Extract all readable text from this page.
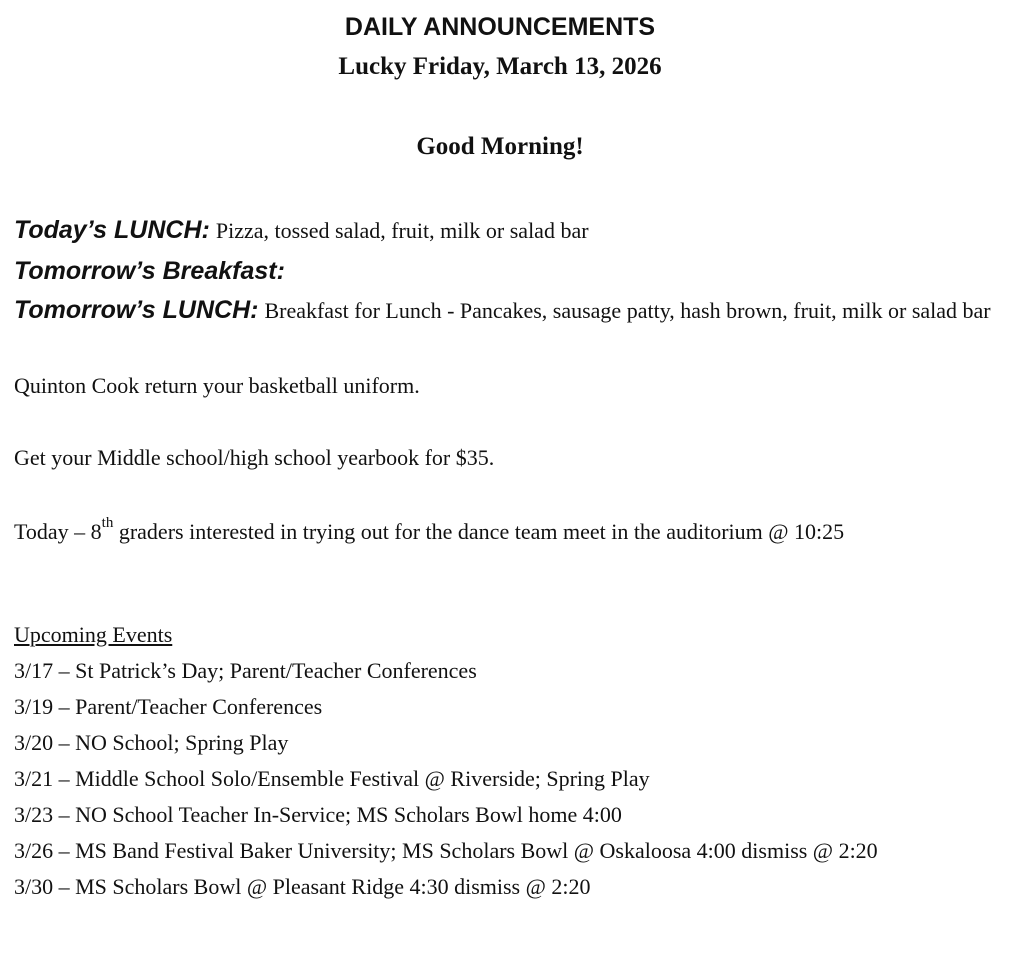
DAILY ANNOUNCEMENTS
Lucky Friday, March 13, 2026
Good Morning!
Today’s LUNCH: Pizza, tossed salad, fruit, milk or salad bar
Tomorrow’s Breakfast:
Tomorrow’s LUNCH: Breakfast for Lunch - Pancakes, sausage patty, hash brown, fruit, milk or salad bar
Quinton Cook return your basketball uniform.
Get your Middle school/high school yearbook for $35.
Today – 8th graders interested in trying out for the dance team meet in the auditorium @ 10:25
Upcoming Events
3/17 – St Patrick’s Day; Parent/Teacher Conferences
3/19 – Parent/Teacher Conferences
3/20 – NO School; Spring Play
3/21 – Middle School Solo/Ensemble Festival @ Riverside; Spring Play
3/23 – NO School Teacher In-Service; MS Scholars Bowl home 4:00
3/26 – MS Band Festival Baker University; MS Scholars Bowl @ Oskaloosa 4:00 dismiss @ 2:20
3/30 – MS Scholars Bowl @ Pleasant Ridge 4:30 dismiss @ 2:20
